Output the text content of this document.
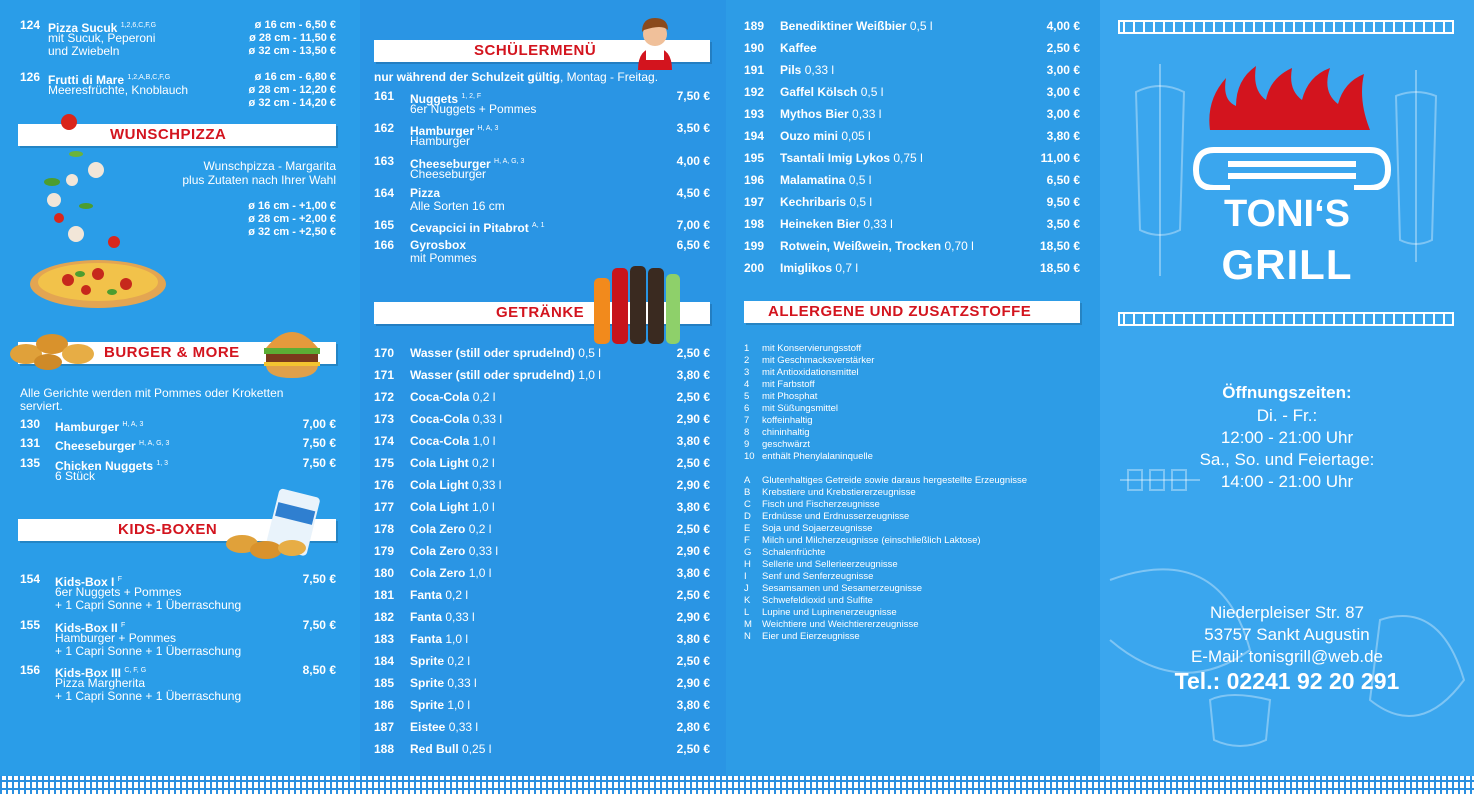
WUNSCHPIZZA
Wunschpizza - Margarita
plus Zutaten nach Ihrer Wahl
ø 16 cm - +1,00 €
ø 28 cm - +2,00 €
ø 32 cm - +2,50 €
BURGER & MORE
Alle Gerichte werden mit Pommes oder Kroketten
serviert.
KIDS-BOXEN
124 Pizza Sucuk $^{1,2,6,C,F,G}$
mit Sucuk, Peperoni
und Zwiebeln
ø 16 cm - 6,50 €
ø 28 cm - 11,50 €
ø 32 cm - 13,50 €
126 Frutti di Mare $^{1,2,A,B,C,F,G}$
Meeresfrüchte, Knoblauch
ø 16 cm - 6,80 €
ø 28 cm - 12,20 €
ø 32 cm - 14,20 €
130 Hamburger $^{H, A, 3}$	7,00 €
131 Cheeseburger $^{H, A, G, 3}$	7,50 €
135 Chicken Nuggets $^{1, 3}$
6 Stück
7,50 €
154 Kids-Box I $^F$
6er Nuggets + Pommes
+ 1 Capri Sonne + 1 Überraschung
7,50 €
155 Kids-Box II $^F$
Hamburger + Pommes
+ 1 Capri Sonne + 1 Überraschung
7,50 €
156 Kids-Box III $^{C, F, G}$
Pizza Margherita
+ 1 Capri Sonne + 1 Überraschung
8,50 €
SCHÜLERMENÜ
nur während der Schulzeit gültig, Montag - Freitag.
GETRÄNKE
161 Nuggets $^{1, 2, F}$
6er Nuggets + Pommes
7,50 €
162 Hamburger $^{H, A, 3}$
Hamburger
3,50 €
163 Cheeseburger $^{H, A, G, 3}$
Cheeseburger
4,00 €
164 Pizza
Alle Sorten 16 cm
4,50 €
165 Cevapcici in Pitabrot $^{A, 1}$	7,00 €
166 Gyrosbox
mit Pommes
6,50 €
170 Wasser (still oder sprudelnd) 0,5 l	2,50 €
171 Wasser (still oder sprudelnd) 1,0 l	3,80 €
172 Coca-Cola 0,2 l	2,50 €
173 Coca-Cola 0,33 l	2,90 €
174 Coca-Cola 1,0 l	3,80 €
175 Cola Light 0,2 l	2,50 €
176 Cola Light 0,33 l	2,90 €
177 Cola Light 1,0 l	3,80 €
178 Cola Zero 0,2 l	2,50 €
179 Cola Zero 0,33 l	2,90 €
180 Cola Zero 1,0 l	3,80 €
181 Fanta 0,2 l	2,50 €
182 Fanta 0,33 l	2,90 €
183 Fanta 1,0 l	3,80 €
184 Sprite 0,2 l	2,50 €
185 Sprite 0,33 l	2,90 €
186 Sprite 1,0 l	3,80 €
187 Eistee 0,33 l	2,80 €
188 Red Bull 0,25 l	2,50 €
ALLERGENE UND ZUSATZSTOFFE
189 Benediktiner Weißbier 0,5 l	4,00 €
190 Kaffee	2,50 €
191 Pils 0,33 l	3,00 €
192 Gaffel Kölsch 0,5 l	3,00 €
193 Mythos Bier 0,33 l	3,00 €
194 Ouzo mini 0,05 l	3,80 €
195 Tsantali Imig Lykos 0,75 l	11,00 €
196 Malamatina 0,5 l	6,50 €
197 Kechribaris 0,5 l	9,50 €
198 Heineken Bier 0,33 l	3,50 €
199 Rotwein, Weißwein, Trocken 0,70 l	18,50 €
200 Imiglikos 0,7 l	18,50 €
1 mit Konservierungsstoff
2 mit Geschmacksverstärker
3 mit Antioxidationsmittel
4 mit Farbstoff
5 mit Phosphat
6 mit Süßungsmittel
7 koffeinhaltig
8 chininhaltig
9 geschwärzt
10 enthält Phenylalaninquelle
A Glutenhaltiges Getreide sowie daraus hergestellte Erzeugnisse
B Krebstiere und Krebstiererzeugnisse
C Fisch und Fischerzeugnisse
D Erdnüsse und Erdnusserzeugnisse
E Soja und Sojaerzeugnisse
F Milch und Milcherzeugnisse (einschließlich Laktose)
G Schalenfrüchte
H Sellerie und Sellerieerzeugnisse
I Senf und Senferzeugnisse
J Sesamsamen und Sesamerzeugnisse
K Schwefeldioxid und Sulfite
L Lupine und Lupinenerzeugnisse
M Weichtiere und Weichtiererzeugnisse
N Eier und Eierzeugnisse
TONI‘S
GRILL
Öffnungszeiten:
Di. - Fr.:
12:00 - 21:00 Uhr
Sa., So. und Feiertage:
14:00 - 21:00 Uhr
Niederpleiser Str. 87
53757 Sankt Augustin
E-Mail: tonisgrill@web.de
Tel.: 02241 92 20 291
